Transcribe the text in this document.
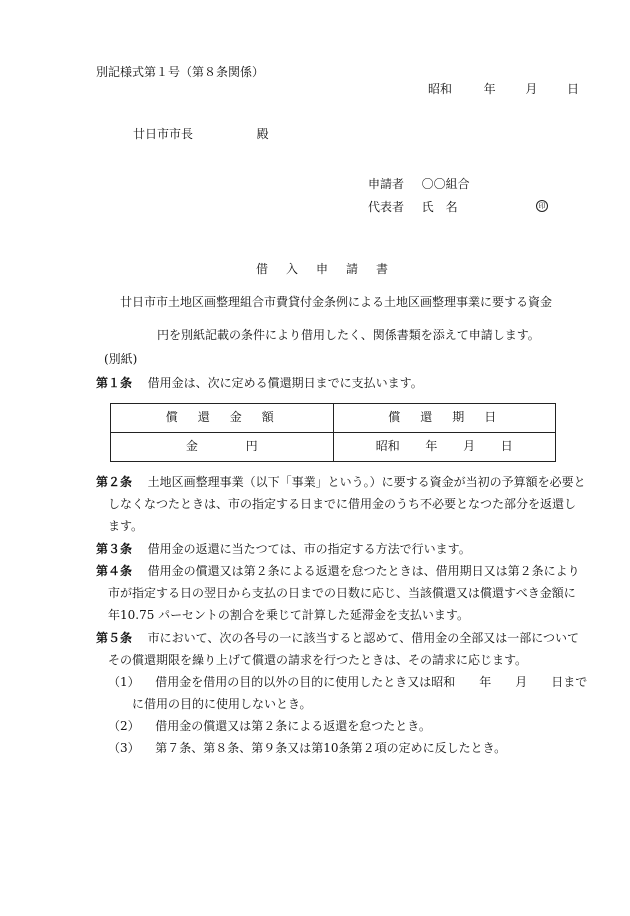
別記様式第１号（第８条関係）
昭和	年 月 日
廿日市市長	殿
申請者 〇〇組合
代表者 氏　名	印
借入申請書
廿日市市土地区画整理組合市費貸付金条例による土地区画整理事業に要する資金
円を別紙記載の条件により借用したく、関係書類を添えて申請します。
(別紙)
第１条 借用金は、次に定める償還期日までに支払います。
償　還　金　額	償　還　期　日
金 円	昭和 年 月 日
第２条 土地区画整理事業（以下「事業」という。）に要する資金が当初の予算額を必要と
しなくなつたときは、市の指定する日までに借用金のうち不必要となつた部分を返還し
ます。
第３条 借用金の返還に当たつては、市の指定する方法で行います。
第４条 借用金の償還又は第２条による返還を怠つたときは、借用期日又は第２条により
市が指定する日の翌日から支払の日までの日数に応じ、当該償還又は償還すべき金額に
年10.75 パーセントの割合を乗じて計算した延滞金を支払います。
第５条 市において、次の各号の一に該当すると認めて、借用金の全部又は一部について
その償還期限を繰り上げて償還の請求を行つたときは、その請求に応じます。
（1） 借用金を借用の目的以外の目的に使用したとき又は昭和　　年　　月　　日まで
に借用の目的に使用しないとき。
（2） 借用金の償還又は第２条による返還を怠つたとき。
（3） 第７条、第８条、第９条又は第10条第２項の定めに反したとき。
